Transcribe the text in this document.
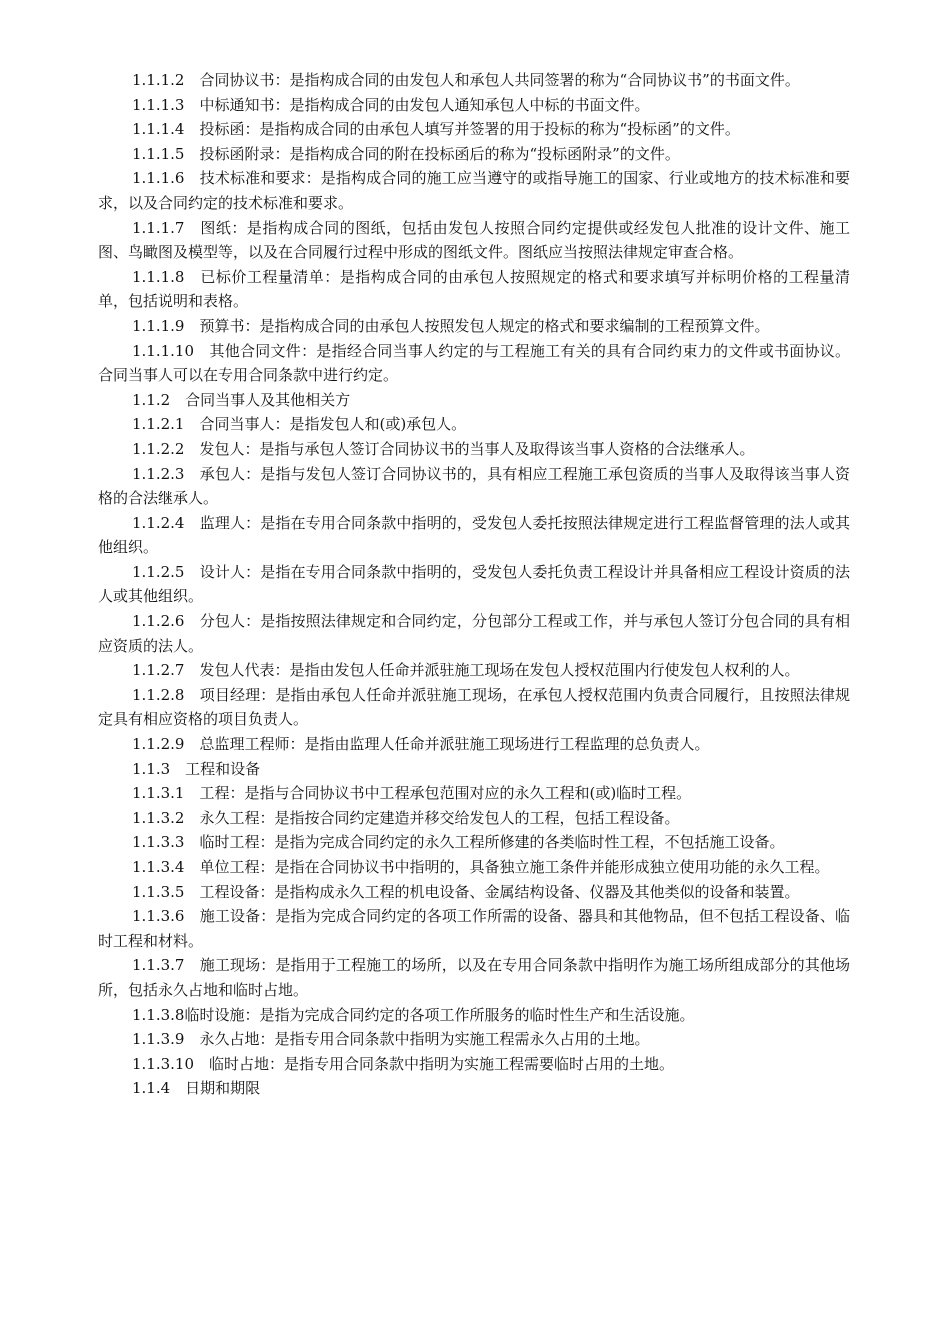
1.1.1.2　合同协议书：是指构成合同的由发包人和承包人共同签署的称为“合同协议书”的书面文件。

1.1.1.3　中标通知书：是指构成合同的由发包人通知承包人中标的书面文件。

1.1.1.4　投标函：是指构成合同的由承包人填写并签署的用于投标的称为“投标函”的文件。

1.1.1.5　投标函附录：是指构成合同的附在投标函后的称为“投标函附录”的文件。

1.1.1.6　技术标准和要求：是指构成合同的施工应当遵守的或指导施工的国家、行业或地方的技术标准和要求，以及合同约定的技术标准和要求。

1.1.1.7　图纸：是指构成合同的图纸，包括由发包人按照合同约定提供或经发包人批准的设计文件、施工图、鸟瞰图及模型等，以及在合同履行过程中形成的图纸文件。图纸应当按照法律规定审查合格。

1.1.1.8　已标价工程量清单：是指构成合同的由承包人按照规定的格式和要求填写并标明价格的工程量清单，包括说明和表格。

1.1.1.9　预算书：是指构成合同的由承包人按照发包人规定的格式和要求编制的工程预算文件。

1.1.1.10　其他合同文件：是指经合同当事人约定的与工程施工有关的具有合同约束力的文件或书面协议。合同当事人可以在专用合同条款中进行约定。

1.1.2　合同当事人及其他相关方

1.1.2.1　合同当事人：是指发包人和(或)承包人。

1.1.2.2　发包人：是指与承包人签订合同协议书的当事人及取得该当事人资格的合法继承人。

1.1.2.3　承包人：是指与发包人签订合同协议书的，具有相应工程施工承包资质的当事人及取得该当事人资格的合法继承人。

1.1.2.4　监理人：是指在专用合同条款中指明的，受发包人委托按照法律规定进行工程监督管理的法人或其他组织。

1.1.2.5　设计人：是指在专用合同条款中指明的，受发包人委托负责工程设计并具备相应工程设计资质的法人或其他组织。

1.1.2.6　分包人：是指按照法律规定和合同约定，分包部分工程或工作，并与承包人签订分包合同的具有相应资质的法人。

1.1.2.7　发包人代表：是指由发包人任命并派驻施工现场在发包人授权范围内行使发包人权利的人。

1.1.2.8　项目经理：是指由承包人任命并派驻施工现场，在承包人授权范围内负责合同履行，且按照法律规定具有相应资格的项目负责人。

1.1.2.9　总监理工程师：是指由监理人任命并派驻施工现场进行工程监理的总负责人。

1.1.3　工程和设备

1.1.3.1　工程：是指与合同协议书中工程承包范围对应的永久工程和(或)临时工程。

1.1.3.2　永久工程：是指按合同约定建造并移交给发包人的工程，包括工程设备。

1.1.3.3　临时工程：是指为完成合同约定的永久工程所修建的各类临时性工程，不包括施工设备。

1.1.3.4　单位工程：是指在合同协议书中指明的，具备独立施工条件并能形成独立使用功能的永久工程。

1.1.3.5　工程设备：是指构成永久工程的机电设备、金属结构设备、仪器及其他类似的设备和装置。

1.1.3.6　施工设备：是指为完成合同约定的各项工作所需的设备、器具和其他物品，但不包括工程设备、临时工程和材料。

1.1.3.7　施工现场：是指用于工程施工的场所，以及在专用合同条款中指明作为施工场所组成部分的其他场所，包括永久占地和临时占地。

1.1.3.8临时设施：是指为完成合同约定的各项工作所服务的临时性生产和生活设施。

1.1.3.9　永久占地：是指专用合同条款中指明为实施工程需永久占用的土地。

1.1.3.10　临时占地：是指专用合同条款中指明为实施工程需要临时占用的土地。

1.1.4　日期和期限
